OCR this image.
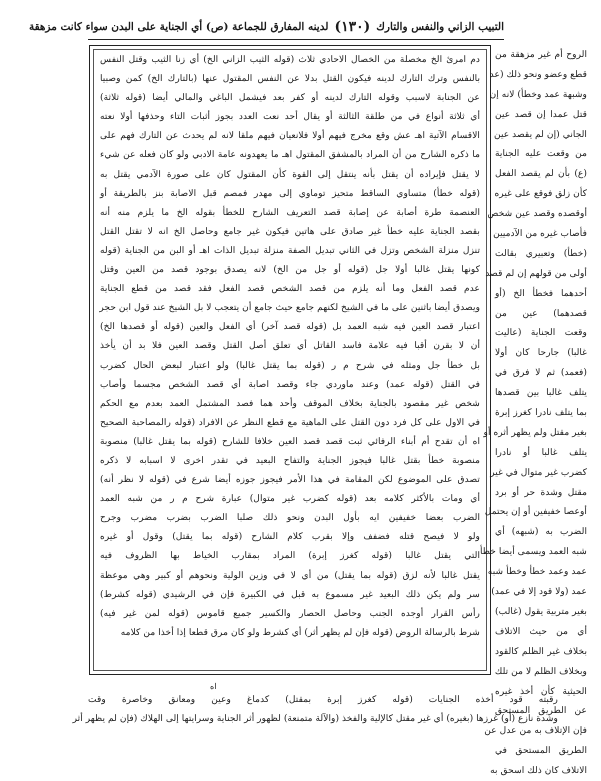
التبيب الزاني والنفس والتارك
(١٣٠)
لدينه المفارق للجماعة (ص) أي الجناية على البدن سواء كانت مزهقة
دم امرئ الخ مخصلة من الخصال الاحادي ثلاث (قوله الثيب الزاني الخ) أي زنا الثيب وقتل النفس
بالنفس وترك التارك لدينه فيكون القتل بدلا عن النفس المقتول عنها (بالتارك الخ) كمن وصبيا
عن الجنابة لاسبب وقوله التارك لدينه أو كفر بعد فيشمل الباغي والمالي أيضا (قوله ثلاثة)
أي ثلاثة أنواع في من طلقة الثالثة أو يقال أحد نعت العدد بجوز أثبات التاء وحذفها أولا نعته
الاقسام الآتية اهـ عش وقع مخرج فيهم أولا فلانعيان فيهم ملقا لانه لم يحدث عن التارك فهم على
ما ذكره الشارح من أن المراد بالمشفق المقتول اهـ ما يعهدونه عامة الادبي ولو كان فعله عن شيء
لا يقتل فإيراده أن يقتل بأنه ينتقل إلى القوة كأن المقتول كان على صورة الآدمي يقتل به
(قوله خطأ) متساوي الساقط متحيز توماوي إلى مهدر فمصم قبل الاصابة بنز بالطريقة أو
العنصمة طرة أصابة عن إصابة قصد التعريف الشارح للخطأ بقوله الخ ما يلزم منه أنه
بقصد الجناية عليه خطأ غير صادق على هاتين فيكون غير جامع وحاصل الخ انه لا تقتل القتل
تنزل منزلة الشخص وتزل في الثاني تبديل الصفة منزلة تبديل الذات اهـ أو البن من الجناية (قوله
كونها يقتل غالبا أولا جل (قوله أو جل من الخ) لانه يصدق بوجود قصد من العين وقتل
عدم قصد الفعل وما أنه يلزم من قصد الشخص قصد الفعل فقد قصد من قطع الجناية
ويصدق أيضا باثنين على ما في الشيخ لكنهم جامع حيث جامع أن يتعجب لا بل الشيخ عند قول ابن حجر
اعتبار قصد العين فيه شبه العمد بل (قوله قصد آخر) أي الفعل والعين (قوله أو قصدها الخ)
أن لا بقرن أقبا فيه علامة فاسد القاتل أي تعلق أصل القتل وقصد العين فلا بد أن يأخذ
بل خطأ جل ومثله في شرح م ر (قوله بما يقتل غالبا) ولو اعتبار لبعض الحال كضرب
في القتل (قوله عمد) وعند ماوردي جاء وقصد اصابة أي قصد الشخص مجسما وأصاب
شخص غير مقصود بالجناية بخلاف الموقف وأحد هما فصد المشتمل العمد بعدم مع الحكم
في الاول على كل فرد دون القتل على الماهية مع قطع النظر عن الافراد (قوله رالمصاحبة الصحيح
اه أن تقدح أم أبناء الرفائي ثبت قصد قصد العين خلافا للشارح (قوله بما يقتل غالبا) منصوبة
منصوبة خطأ بقتل غالبا فيجوز الجناية والتفاح البعيد في تقدر اخرى لا اسبابه لا ذكره
تصدق على الموضوع لكن المقامة في هذا الأمر فيجوز جوزه أيضا شرع في (قوله لا نظر أنه)
أي ومات بالأكثر كلامه بعد (قوله كضرب غير متوال) عبارة شرح م ر من شبه العمد
الضرب بعضا خفيفين ايه بأول البدن ونحو ذلك صلبا الضرب بضرب مضرب وجرح
ولو لا فيصح قتله فضفف وإلا بقرب كلام الشارح (قوله بما يقتل) وقول أو غيره
التي يقتل غالبا (قوله كغرز إبرة) المراد بمقارب الخياط بها الظروف فيه
يقتل غالبا لأنه لزق (قوله بما يقتل) من أي لا في وزين الولية ونحوهم أو كبير وهي موعظة
سر ولم يكن ذلك البعيد غير مسموع به قبل في الكبيرة فإن في الرشيدي (قوله كشرط)
رأس القرار أوجده الجنب وحاصل الحصار والكسير جميع قاموس (قوله لمن غير فيه)
شرط بالرسالة الروض (قوله فإن لم يظهر أثر) أي كشرط ولو كان مرق قطعا إذا أخذا من كلامه
الروح أم غير مزهقة من
قطع وعضو ونحو ذلك (عد
وشبهة عمد وخطأ) لانه إن
قتل عمدا إن قصد عين
الجاني (إن لم يقصد عين
من وقعت عليه الجناية
(ع) بأن لم يقصد الفعل
كأن زلق فوقع على غيره
أوقصده وقصد عين شخص
فأصاب غيره من الآدميين
(خطأ) وتعبيري بقالت
أولى من قولهم إن لم قصد
أحدهما فخطأ الخ (أو
قصدهما) عين من
وقعت الجناية (عاليت
غالبا) جارحا كان أولا
(فعمد) ثم لا فرق في
يتلف غالبا بين قصدها
بما يتلف نادرا كغرز إبرة
بغير مقتل ولم يظهر أثره أو
يتلف غالبا أو نادرا
كضرب غير متوال في غير
مقتل وشدة حر أو برد
أوعصا خفيفين أو إن يحتمل
الضرب به (شبهه) أي
شبه العمد ويسمى أيضا خطأ
عمد وعمد خطأ وخطأ شبه
عمد (ولا قود إلا في عمد)
بغير متربية يقول (غالب)
أي من حيث الاتلاف
بخلاف غير الظلم كالقود
وبخلاف الظلم لا من تلك
الحيثية كأن أخذ غيره
عن الطريق المستحق
فإن الإتلاف به من عدل عن
الطريق المستحق في
الاتلاف كان ذلك اسحق به
اه
رقبته قود أخذه الجنايات (قوله كغرز إبرة بمقتل) كدماغ وعين ومعانق وخاصرة وقت
وشدة نازع (أو) غرزها (بغيره) أي غير مقتل كالإلية والفخذ (والآلة متمنعة) لظهور أثر الجناية وسرايتها إلى الهلاك (فإن لم يظهر أثر
